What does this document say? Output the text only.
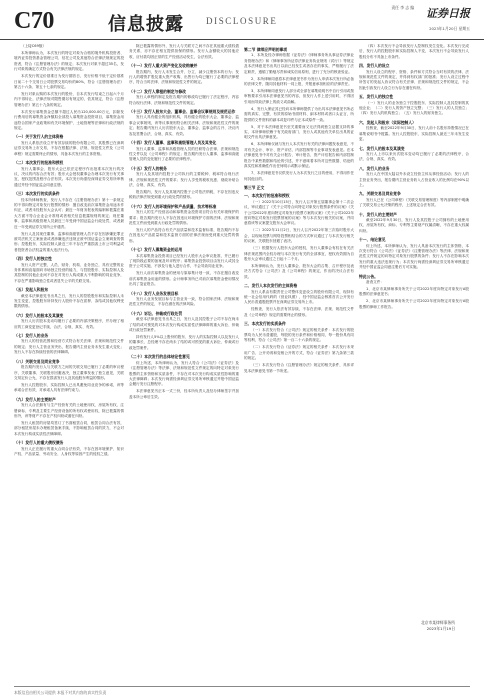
C70	信息披露 DISCLOSURE
责任 李 志 编 证券日报
2023年1月20日 星期五
（上接C69版）
本所律师认为，本次发行的特定对象为合格的境外机构投资者、境内证券投资基金管理公司、信托公司及其他符合法律法规规定的投资者，符合《注册管理办法》的规定；本次发行对象不超过35名，发行对象的确定方式符合有关法律法规的规定。
本次发行的定价基准日为发行期首日，发行价格不低于定价基准日前二十个交易日公司股票交易均价的80%，符合《注册管理办法》第五十六条、第五十七条的规定。
发行对象认购的本次发行的股份，自本次发行结束之日起六个月内不得转让，法律法规对限售期另有规定的，依其规定，符合《注册管理办法》第五十九条的规定。
本次发行募集资金总额不超过人民币120,000.00万元，扣除发行费用后的募集资金净额拟全部投入募集资金投资项目，募集资金用途符合国家产业政策和有关环境保护、土地管理等法律和行政法规的规定。
（一）关于发行人的主体资格
发行人系依法设立并有效存续的股份有限公司，其股票已在深圳证券交易所上市交易，不存在根据法律、法规、规范性文件及《公司章程》规定需要终止的情形，具备本次发行的主体资格。
（二）本次发行的批准和授权
发行人董事会、股东大会已依法定程序作出批准本次发行的决议，决议的内容合法有效；股东大会授权董事会办理本次发行有关事宜，授权范围及程序合法有效。本次发行尚需经深圳证券交易所审核通过并经中国证监会同意注册。
（三）本次发行的实质条件
经本所律师核查，发行人不存在《注册管理办法》第十一条规定的不得向特定对象发行股票的情形：擅自改变前次募集资金用途未作纠正，或者未经股东大会认可；最近一年财务报表的编制和披露在重大方面不符合企业会计准则或者相关信息披露规则的规定；现任董事、监事和高级管理人员最近三年受到中国证监会行政处罚，或者最近一年受到证券交易所公开谴责。
发行人及其现任董事、监事和高级管理人员不存在因涉嫌犯罪正被司法机关立案侦查或者涉嫌违法违规正被中国证监会立案调查的情形；控股股东、实际控制人最近三年不存在严重损害上市公司利益或者投资者合法权益的重大违法行为。
（四）发行人的独立性
发行人资产完整，人员、财务、机构、业务独立，具有完整的业务体系和直接面向市场独立经营的能力，与控股股东、实际控制人及其控制的其他企业间不存在对发行人构成重大不利影响的同业竞争，不存在严重影响独立性或者显失公平的关联交易。
（五）发起人和股东
截至本法律意见书出具之日，发行人的控股股东和实际控制人未发生变更，控股股东所持发行人股份不存在质押、冻结或其他权利受限的情形。
（六）发行人的股本及其演变
发行人历次股本变动均履行了必要的内部决策程序，并办理了相应的工商变更登记手续，合法、合规、真实、有效。
（七）发行人的业务
发行人的经营范围和经营方式符合有关法律、法规和规范性文件的规定；发行人主营业务突出，报告期内主营业务未发生重大变化；发行人不存在持续经营的法律障碍。
（八）关联交易及同业竞争
报告期内发行人与关联方之间的关联交易已履行了必要的审议程序，关联董事、关联股东回避表决，独立董事发表了独立意见，关联交易定价公允，不存在损害发行人及其他股东利益的情形。
发行人控股股东、实际控制人已出具避免同业竞争的承诺，该等承诺合法有效，对承诺人具有法律约束力。
（九）发行人的主要财产
发行人合法拥有与生产经营有关的土地使用权、房屋所有权、注册商标、专利及主要生产经营设备的所有权或使用权，除已披露的情形外，该等财产不存在产权纠纷或潜在纠纷。
发行人租赁的房屋均签订了书面租赁合同，租赁合同合法有效，部分租赁房屋未办理租赁备案手续，不影响租赁合同的效力，不会对本次发行构成实质性法律障碍。
（十）发行人的重大债权债务
发行人正在履行的重大合同合法有效，不存在因环境保护、知识产权、产品质量、劳动安全、人身权等原因产生的侵权之债。
除已披露的情形外，发行人与关联方之间不存在其他重大债权债务关系，亦不存在相互提供担保的情形。发行人金额较大的其他应收、应付款均因正常的生产经营活动发生，合法有效。
（十一）发行人重大资产变化及收购兼并
报告期内，发行人未发生合并、分立、减少注册资本的行为；发行人的增资扩股及重大资产收购、出售行为均已履行了必要的法律程序，符合当时法律、法规和规范性文件的规定。
（十二）发行人章程的制定与修改
发行人章程的制定及报告期内的修改均已履行了法定程序，内容符合现行法律、法规和规范性文件的规定。
（十三）发行人股东大会、董事会、监事会议事规则及规范运作
发行人具有健全的组织机构，具有健全的股东大会、董事会、监事会议事规则，该等议事规则符合相关法律、法规和规范性文件的规定；报告期内发行人历次股东大会、董事会、监事会的召开、决议内容及签署合法、合规、真实、有效。
（十四）发行人董事、监事和高级管理人员及其变化
发行人董事、监事和高级管理人员的任职符合法律、法规和规范性文件以及《公司章程》的规定；报告期内发行人董事、监事和高级管理人员的变化履行了必要的法律程序。
（十五）发行人的税务
发行人及其境内控股子公司执行的主要税种、税率符合现行法律、法规和规范性文件的要求；发行人享受的税收优惠、财政补贴合法、合规、真实、有效。
报告期内，发行人及其境内控股子公司依法纳税，不存在因违反税收法律法规受到重大行政处罚的情形。
（十六）发行人的环境保护和产品质量、技术等标准
发行人的生产经营活动和募集资金投资项目符合有关环境保护的要求；报告期内发行人不存在因违反环境保护方面的法律、法规和规范性文件而受到重大行政处罚的情形。
发行人的产品符合有关产品质量和技术监督标准，报告期内不存在因违反产品质量和技术监督方面的法律法规而受到重大处罚的情形。
（十七）发行人募集资金的运用
本次募集资金投资项目已经发行人股东大会审议批准，并已履行了现阶段必要的备案及环评程序；募集资金投资项目由发行人或其全资子公司实施，不涉及与他人进行合作，不会导致同业竞争。
发行人前次募集资金的使用与原募集计划一致，不存在擅自改变前次募集资金用途的情形。会计师事务所已对前次募集资金使用情况出具了鉴证报告。
（十八）发行人业务发展目标
发行人业务发展目标与主营业务一致，符合国家法律、法规和规范性文件的规定，不存在潜在的法律风险。
（十九）诉讼、仲裁或行政处罚
截至本法律意见书出具之日，发行人及其控股子公司不存在尚未了结的或可预见的对本次发行构成实质性法律障碍的重大诉讼、仲裁或行政处罚案件。
持有发行人5%以上股份的股东、发行人的实际控制人以及发行人的董事长、总经理不存在尚未了结的或可预见的重大诉讼、仲裁或行政处罚案件。
（二十）本次发行的总体结论性意见
综上所述，本所律师认为，发行人符合《公司法》《证券法》及《注册管理办法》等法律、法规和规范性文件规定的向特定对象发行股票的主体资格和实质条件，不存在对本次发行构成实质性影响的重大法律障碍；本次发行尚需经深圳证券交易所审核通过并报中国证监会履行发行注册程序。
本法律意见书正本一式三份，经本所负责人及经办律师签字并加盖本所公章后生效。
第二节 律师应声明的事项
1、本所及经办律师依据《证券法》《律师事务所从事证券法律业务管理办法》和《律师事务所证券法律业务执业规则（试行）》等规定及本法律意见书出具日以前已经发生或者存在的事实，严格履行了法定职责，遵循了勤勉尽责和诚实信用原则，进行了充分的核查验证。
2、本所律师同意将本法律意见书作为发行人申请本次发行所必备的法律文件，随同其他材料一同上报，并愿意承担相应的法律责任。
3、本所律师同意发行人部分或全部在募集说明书中自行引用或按审核要求引用本法律意见书的内容，但发行人作上述引用时，不得因引用而导致法律上的歧义或曲解。
4、发行人保证其已经向本所律师提供了为出具本法律意见书所必需的真实、完整、有效的原始书面材料、副本材料或者口头证言，所提供的文件资料的副本或复印件与正本或原件一致。
5、对于本法律意见书至关重要而又无法得到独立证据支持的事实，本所律师依赖于有关政府部门、发行人或其他有关单位出具的证明文件出具法律意见。
6、本所律师仅就与发行人本次发行有关的法律问题发表意见，不对有关会计、审计、资产评估、内部控制等专业事项发表意见。在本法律意见书中对有关会计报告、审计报告、资产评估报告和内部控制报告中某些数据和结论的引述，并不意味着本所对这些数据、结论的真实性和准确性作出任何明示或默示保证。
7、本法律意见书仅供发行人为本次发行之目的使用，不得用作任何其他目的。
第三节 正文
一、本次发行的批准和授权
（一）2022年10月15日，发行人召开第五届董事会第十二次会议，审议通过了《关于公司符合向特定对象发行股票条件的议案》《关于公司2022年度向特定对象发行股票方案的议案》《关于公司2022年度向特定对象发行股票预案的议案》等与本次发行相关的议案，并同意将该等议案提交股东大会审议。
（二）2022年11月2日，发行人召开2022年第三次临时股东大会，以现场投票与网络投票相结合的方式审议通过了与本次发行相关的议案，关联股东回避了表决。
（三）根据发行人股东大会的授权，发行人董事会有权在有关法律法规范围内全权办理与本次发行有关的全部事宜，授权有效期为自股东大会审议通过之日起十二个月。
本所律师认为，发行人董事会、股东大会的召集、召开程序及表决方式符合《公司法》及《公司章程》的规定，作出的决议合法有效。
二、发行人本次发行的主体资格
发行人系由有限责任公司整体变更设立的股份有限公司，现持有统一社会信用代码的《营业执照》，经中国证监会核准首次公开发行人民币普通股股票并在深圳证券交易所上市。
经核查，发行人依法有效存续，不存在法律、法规、规范性文件及《公司章程》规定的需要终止的情形。
三、本次发行的实质条件
（一）本次发行符合《公司法》规定的相关条件：本次发行的股票均为人民币普通股，每股的发行条件和价格相同，每一股份具有同等权利，符合《公司法》第一百二十六条的规定。
（二）本次发行符合《证券法》规定的相关条件：本次发行未采用广告、公开劝诱和变相公开的方式，符合《证券法》第九条第三款的规定。
（三）本次发行符合《注册管理办法》规定的相关条件，具体详见本法律意见书第一节所述。
（四）本次发行不会导致发行人控制权发生变化。本次发行完成后，发行人的控股股东和实际控制人不变，本次发行不会导致发行人股权分布不具备上市条件。
四、发行人的设立
发行人设立的程序、资格、条件和方式符合当时有效的法律、法规和规范性文件的规定，并得到有权部门的批准；发行人设立过程中所签订的发起人协议符合有关法律、法规和规范性文件的规定，不会因此引致发行人设立行为存在潜在纠纷。
五、发行人的独立性
（一）发行人的业务独立于控股股东、实际控制人及其控制的其他企业；（二）发行人的资产独立完整；（三）发行人的人员独立；（四）发行人的机构独立；（五）发行人的财务独立。
六、发起人和股东（实际控制人）
经核查，截至2022年9月30日，发行人前十名股东持股情况已在募集说明书中披露。发行人控股股东、实际控制人最近三年未发生变更。
七、发行人的股本及其演变
发行人上市以来历次股本变动均已履行了必要的法律程序，合法、合规、真实、有效。
八、发行人的业务
发行人在中国大陆以外未设立经营主体从事经营活动；发行人的主营业务突出，报告期内主营业务收入占营业收入的比例均在90%以上。
九、关联交易及同业竞争
发行人已在《公司章程》《关联交易管理制度》等内部制度中明确了关联交易公允决策的程序，上述规定合法有效。
十、发行人的主要财产
截至2022年9月30日，发行人及其控股子公司拥有的土地使用权、房屋所有权、商标、专利等主要财产权属清晰，不存在重大权属纠纷。
十一、结论意见
综上所述，本所律师认为，发行人具备本次发行的主体资格，本次发行符合《公司法》《证券法》《注册管理办法》等法律、法规和规范性文件规定的向特定对象发行股票的条件；发行人不存在影响本次发行的重大违法违规行为；本次发行尚需经深圳证券交易所审核通过并经中国证监会同意注册后方可实施。
特此公告。
备查文件：
1、北京市某律师事务所关于公司2022年度向特定对象发行A股股票的法律意见书；
2、北京市某律师事务所关于公司2022年度向特定对象发行A股股票的律师工作报告。
北京市某律师事务所
2023年1月19日
本版信息由相关公司提供 本报不对其内容的真实性负责
